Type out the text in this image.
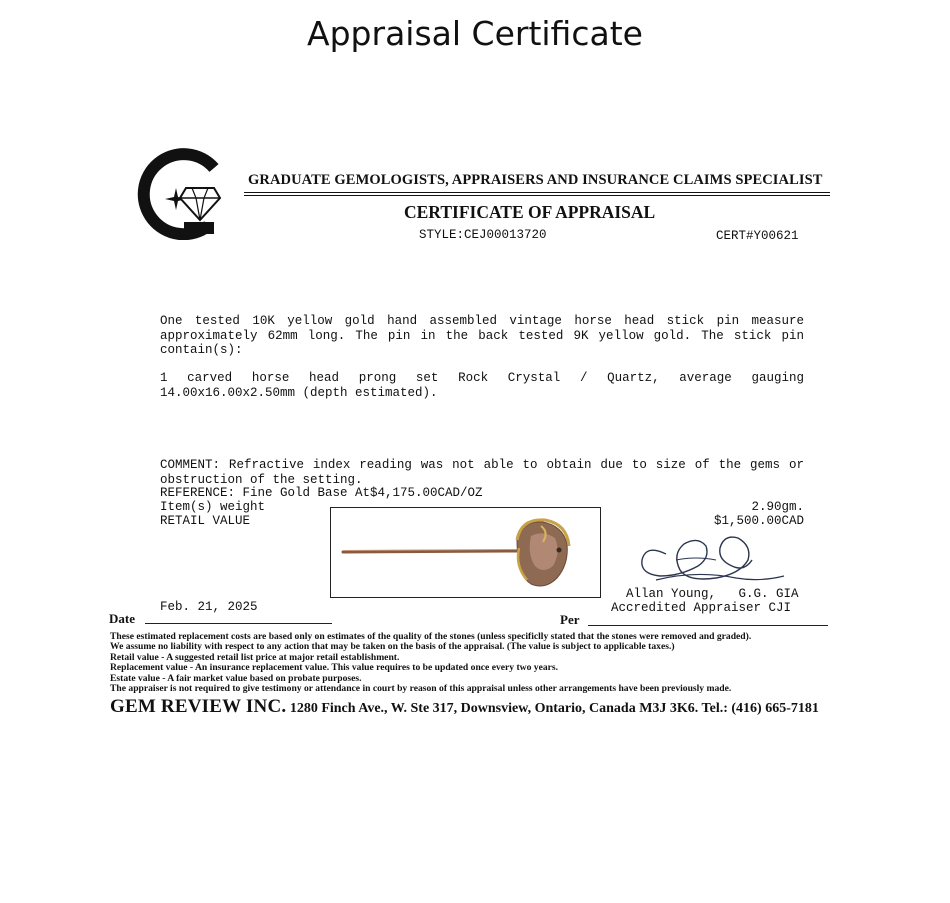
Appraisal Certificate
GRADUATE GEMOLOGISTS, APPRAISERS AND INSURANCE CLAIMS SPECIALIST
CERTIFICATE OF APPRAISAL
STYLE:CEJ00013720	CERT#Y00621
One tested 10K yellow gold hand assembled vintage horse head stick pin measure approximately 62mm long. The pin in the back tested 9K yellow gold. The stick pin contain(s):
1 carved horse head prong set Rock Crystal / Quartz, average gauging 14.00x16.00x2.50mm (depth estimated).
COMMENT: Refractive index reading was not able to obtain due to size of the gems or obstruction of the setting.
REFERENCE: Fine Gold Base At$4,175.00CAD/OZ
Item(s) weight	2.90gm.
RETAIL VALUE	$1,500.00CAD
Allan Young,   G.G. GIA
Accredited Appraiser CJI
Feb. 21, 2025
Date	Per
These estimated replacement costs are based only on estimates of the quality of the stones (unless specificlly stated that the stones were removed and graded).
We assume no liability with respect to any action that may be taken on the basis of the appraisal. (The value is subject to applicable taxes.)
Retail value - A suggested retail list price at major retail establishment.
Replacement value - An insurance replacement value. This value requires to be updated once every two years.
Estate value - A fair market value based on probate purposes.
The appraiser is not required to give testimony or attendance in court by reason of this appraisal unless other arrangements have been previously made.
GEM REVIEW INC. 1280 Finch Ave., W. Ste 317, Downsview, Ontario, Canada M3J 3K6. Tel.: (416) 665-7181
